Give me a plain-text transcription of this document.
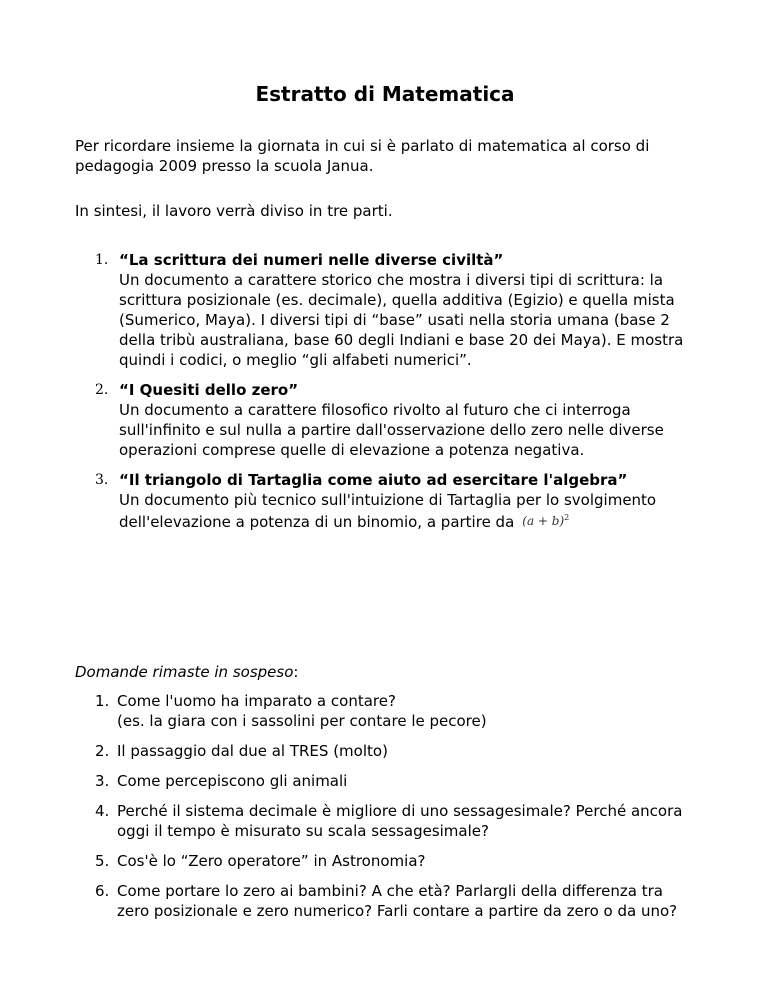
Estratto di Matematica

Per ricordare insieme la giornata in cui si è parlato di matematica al corso di pedagogia 2009 presso la scuola Janua.

In sintesi, il lavoro verrà diviso in tre parti.

1. “La scrittura dei numeri nelle diverse civiltà”
Un documento a carattere storico che mostra i diversi tipi di scrittura: la scrittura posizionale (es. decimale), quella additiva (Egizio) e quella mista (Sumerico, Maya). I diversi tipi di “base” usati nella storia umana (base 2 della tribù australiana, base 60 degli Indiani e base 20 dei Maya). E mostra quindi i codici, o meglio “gli alfabeti numerici”.
2. “I Quesiti dello zero”
Un documento a carattere filosofico rivolto al futuro che ci interroga sull'infinito e sul nulla a partire dall'osservazione dello zero nelle diverse operazioni comprese quelle di elevazione a potenza negativa.
3. “Il triangolo di Tartaglia come aiuto ad esercitare l'algebra”
Un documento più tecnico sull'intuizione di Tartaglia per lo svolgimento dell'elevazione a potenza di un binomio, a partire da $(a + b)^2$

Domande rimaste in sospeso:

1. Come l'uomo ha imparato a contare?
(es. la giara con i sassolini per contare le pecore)
2. Il passaggio dal due al TRES (molto)
3. Come percepiscono gli animali
4. Perché il sistema decimale è migliore di uno sessagesimale? Perché ancora oggi il tempo è misurato su scala sessagesimale?
5. Cos'è lo “Zero operatore” in Astronomia?
6. Come portare lo zero ai bambini? A che età? Parlargli della differenza tra zero posizionale e zero numerico? Farli contare a partire da zero o da uno?
